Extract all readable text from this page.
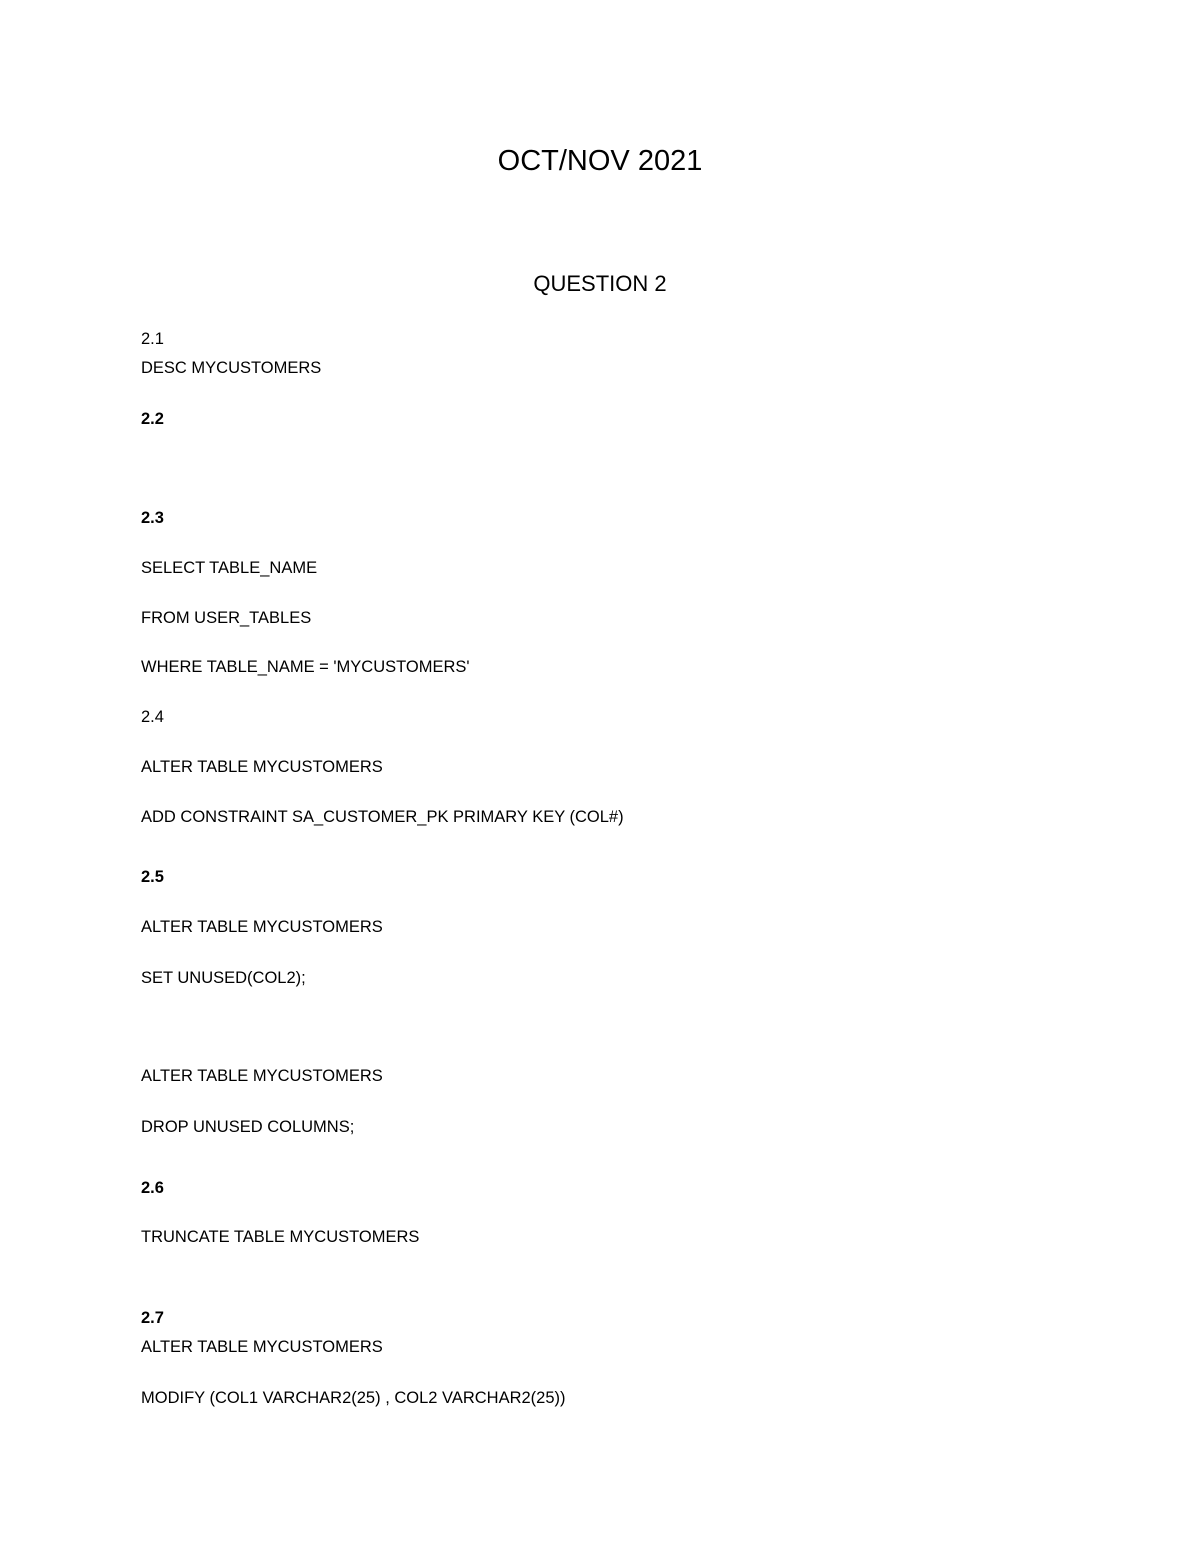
OCT/NOV 2021
QUESTION 2
2.1
DESC MYCUSTOMERS
2.2
2.3
SELECT TABLE_NAME
FROM USER_TABLES
WHERE TABLE_NAME = 'MYCUSTOMERS'
2.4
ALTER TABLE MYCUSTOMERS
ADD CONSTRAINT SA_CUSTOMER_PK PRIMARY KEY (COL#)
2.5
ALTER TABLE MYCUSTOMERS
SET UNUSED(COL2);
ALTER TABLE MYCUSTOMERS
DROP UNUSED COLUMNS;
2.6
TRUNCATE TABLE MYCUSTOMERS
2.7
ALTER TABLE MYCUSTOMERS
MODIFY (COL1 VARCHAR2(25) , COL2 VARCHAR2(25))
